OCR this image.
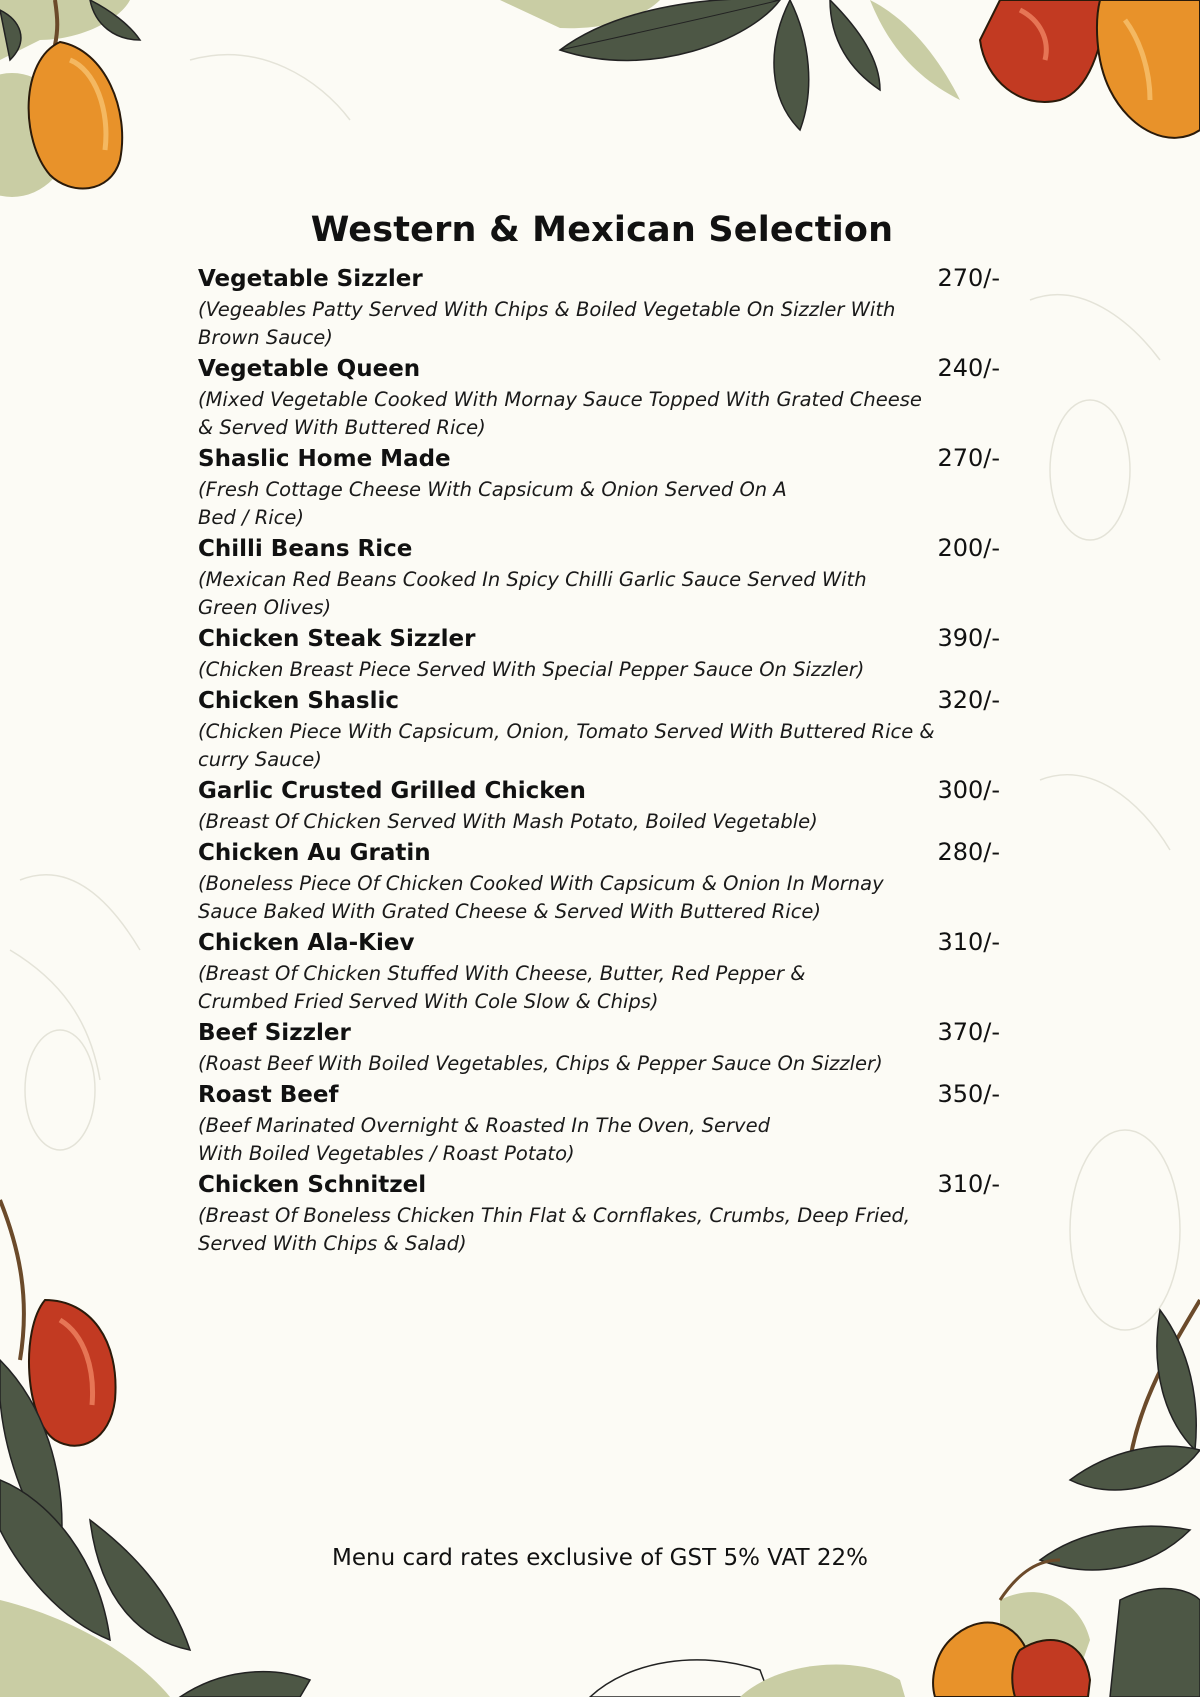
Western & Mexican Selection
Vegetable Sizzler	270/-

(Vegeables Patty Served With Chips & Boiled Vegetable On Sizzler With Brown Sauce)

Vegetable Queen	240/-

(Mixed Vegetable Cooked With Mornay Sauce Topped With Grated Cheese & Served With Buttered Rice)

Shaslic Home Made	270/-

(Fresh Cottage Cheese With Capsicum & Onion Served On A Bed / Rice)

Chilli Beans Rice	200/-

(Mexican Red Beans Cooked In Spicy Chilli Garlic Sauce Served With Green Olives)

Chicken Steak Sizzler	390/-

(Chicken Breast Piece Served With Special Pepper Sauce On Sizzler)

Chicken Shaslic	320/-

(Chicken Piece With Capsicum, Onion, Tomato Served With Buttered Rice & curry Sauce)

Garlic Crusted Grilled Chicken	300/-

(Breast Of Chicken Served With Mash Potato, Boiled Vegetable)

Chicken Au Gratin	280/-

(Boneless Piece Of Chicken Cooked With Capsicum & Onion In Mornay Sauce Baked With Grated Cheese & Served With Buttered Rice)

Chicken Ala-Kiev	310/-

(Breast Of Chicken Stuffed With Cheese, Butter, Red Pepper & Crumbed Fried Served With Cole Slow & Chips)

Beef Sizzler	370/-

(Roast Beef With Boiled Vegetables, Chips & Pepper Sauce On Sizzler)

Roast Beef	350/-

(Beef Marinated Overnight & Roasted In The Oven, Served With Boiled Vegetables / Roast Potato)

Chicken Schnitzel	310/-

(Breast Of Boneless Chicken Thin Flat & Cornflakes, Crumbs, Deep Fried, Served With Chips & Salad)

Menu card rates exclusive of GST 5% VAT 22%
